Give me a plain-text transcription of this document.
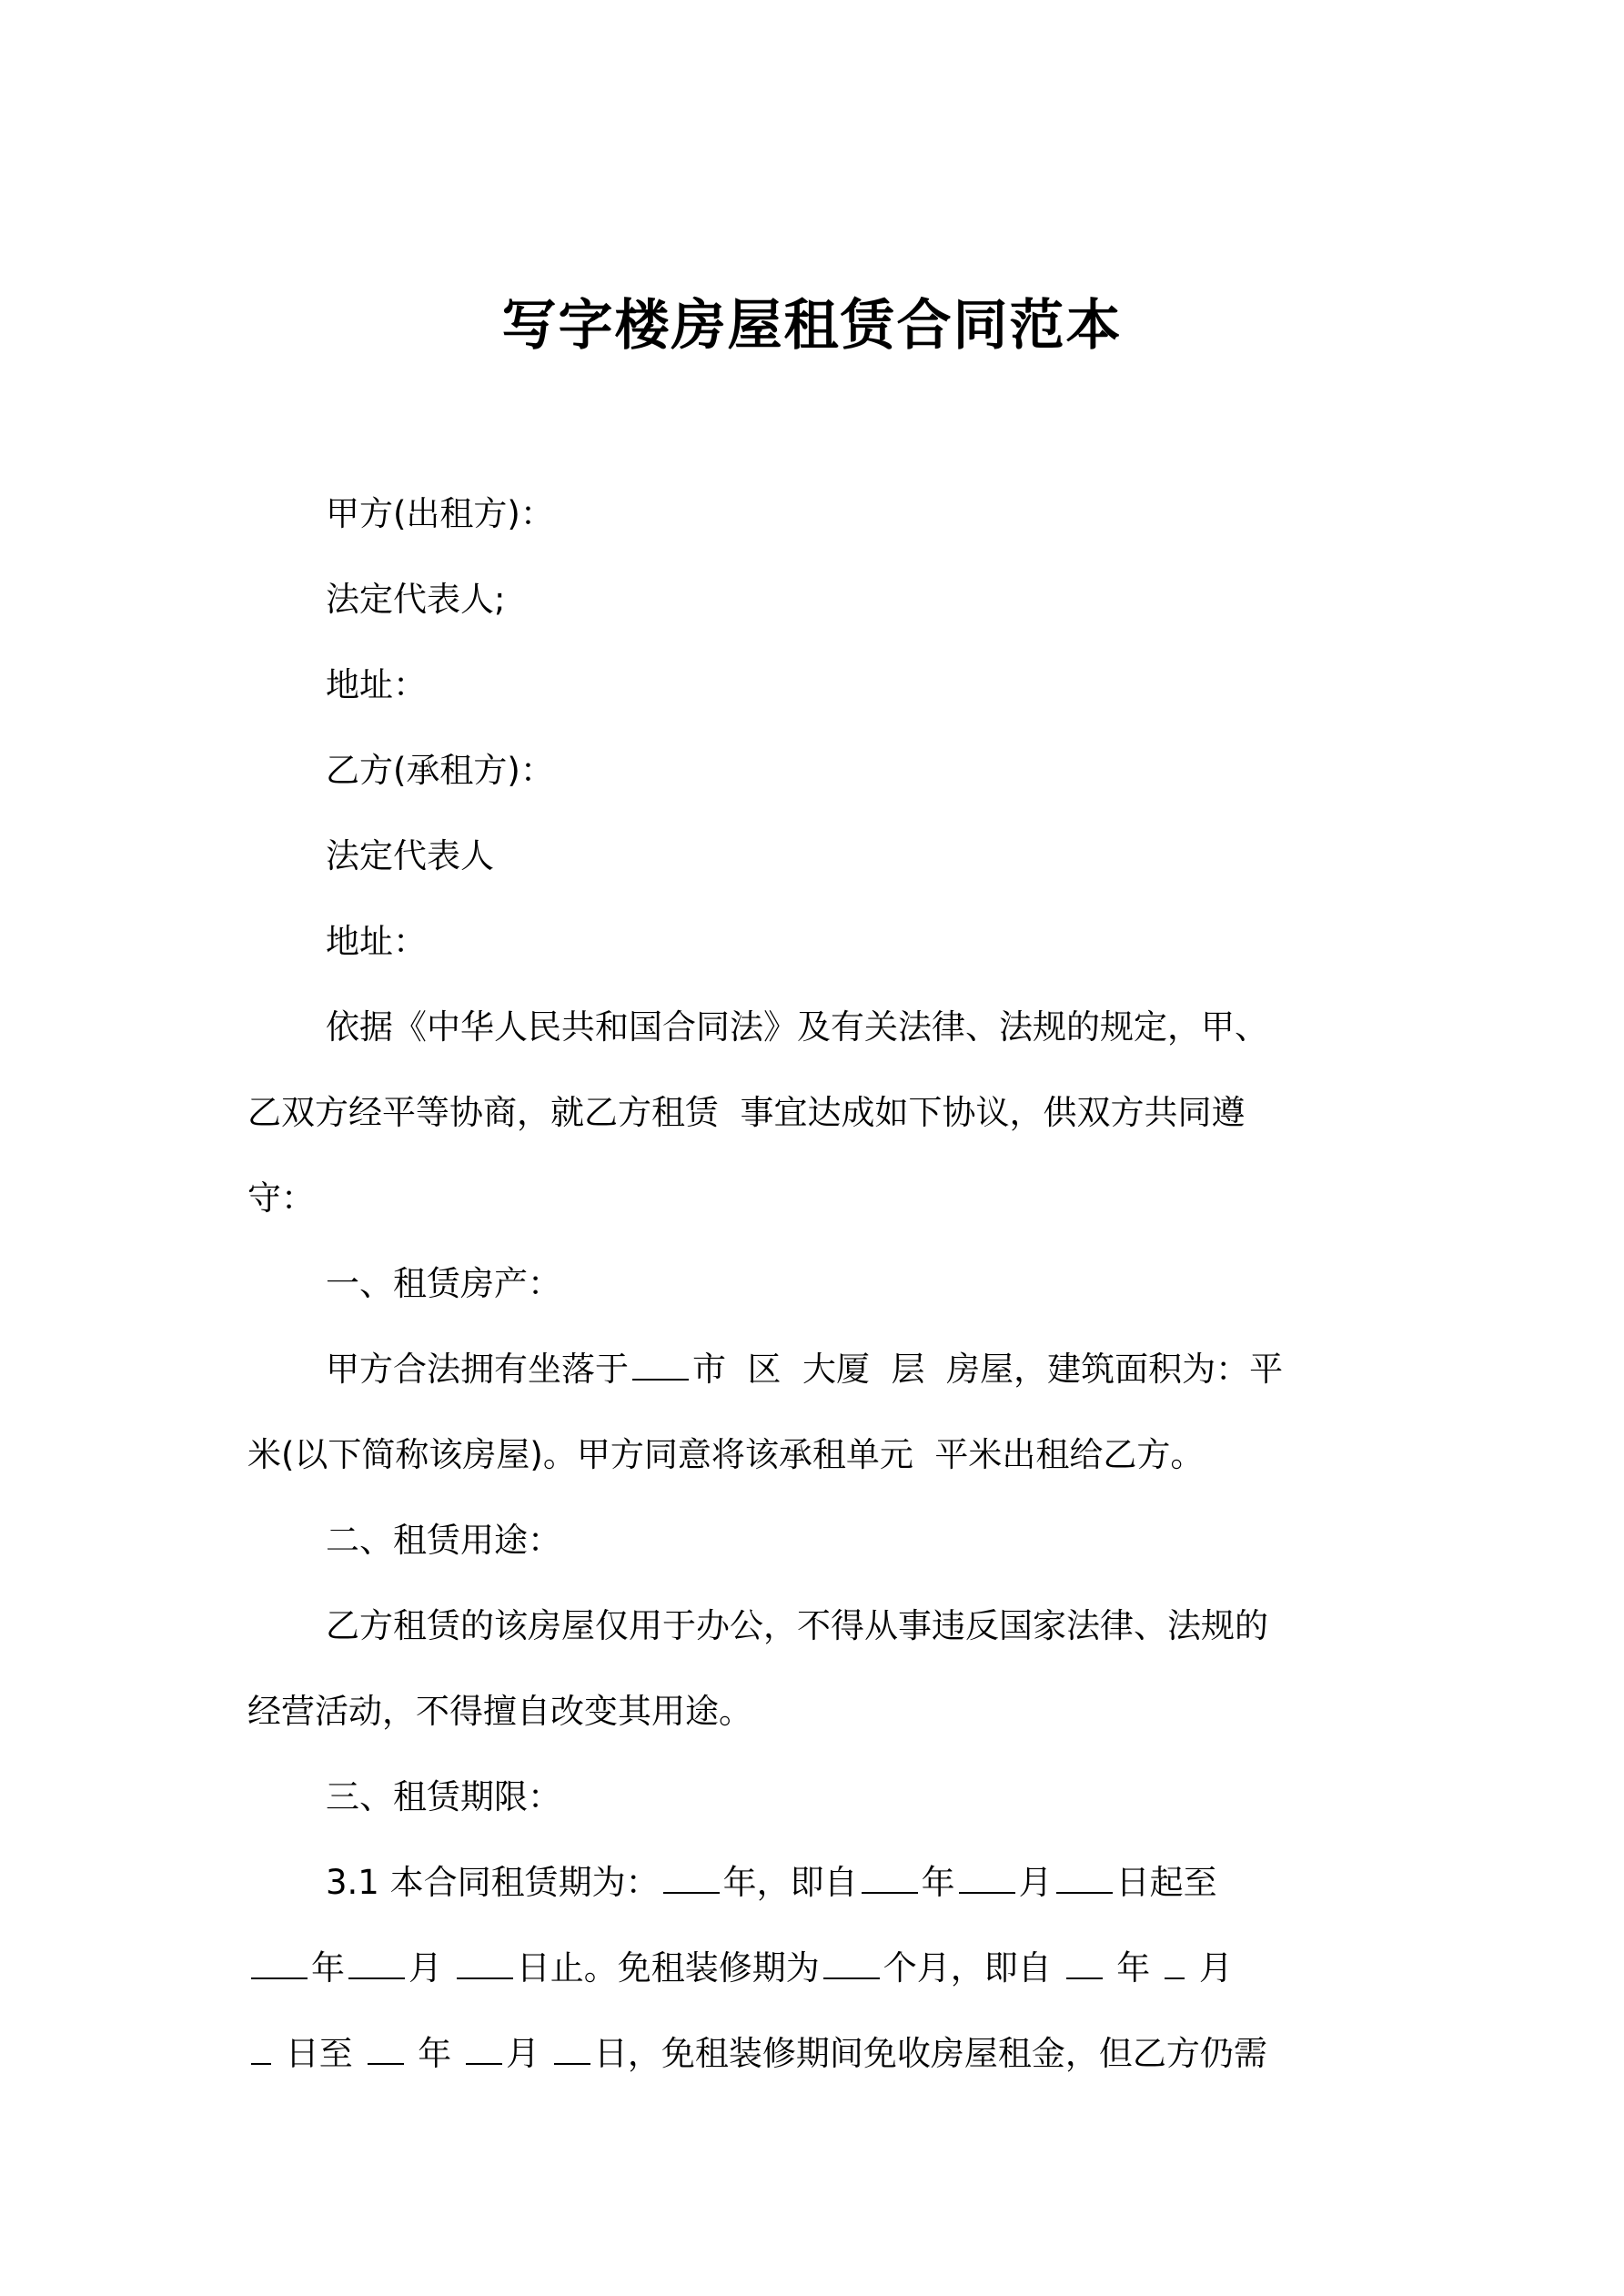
写字楼房屋租赁合同范本
甲方(出租方)：
法定代表人;
地址：
乙方(承租方)：
法定代表人
地址：
依据《中华人民共和国合同法》及有关法律、法规的规定，甲、
乙双方经平等协商，就乙方租赁  事宜达成如下协议，供双方共同遵
守：
一、租赁房产：
甲方合法拥有坐落于 市  区  大厦  层  房屋，建筑面积为：平
米(以下简称该房屋)。甲方同意将该承租单元  平米出租给乙方。
二、租赁用途：
乙方租赁的该房屋仅用于办公，不得从事违反国家法律、法规的
经营活动，不得擅自改变其用途。
三、租赁期限：
3.1 本合同租赁期为： 年，即自 年 月 日起至
年 月 日止。免租装修期为 个月，即自  年  月
日至  年 月 日，免租装修期间免收房屋租金，但乙方仍需
